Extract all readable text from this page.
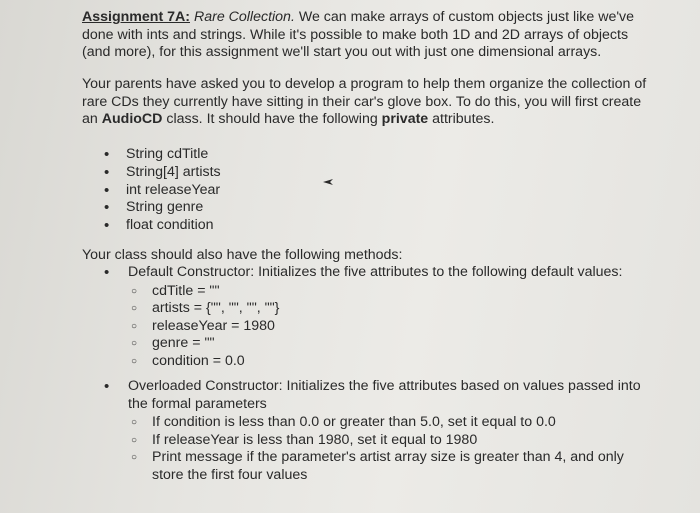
Assignment 7A: Rare Collection. We can make arrays of custom objects just like we've done with ints and strings. While it's possible to make both 1D and 2D arrays of objects (and more), for this assignment we'll start you out with just one dimensional arrays.

Your parents have asked you to develop a program to help them organize the collection of rare CDs they currently have sitting in their car's glove box. To do this, you will first create an AudioCD class. It should have the following private attributes.

• String cdTitle
• String[4] artists
• int releaseYear
• String genre
• float condition

Your class should also have the following methods:

• Default Constructor: Initializes the five attributes to the following default values:
○ cdTitle = ""
○ artists = {"", "", "", ""}
○ releaseYear = 1980
○ genre = ""
○ condition = 0.0
• Overloaded Constructor: Initializes the five attributes based on values passed into the formal parameters
○ If condition is less than 0.0 or greater than 5.0, set it equal to 0.0
○ If releaseYear is less than 1980, set it equal to 1980
○ Print message if the parameter's artist array size is greater than 4, and only store the first four values
